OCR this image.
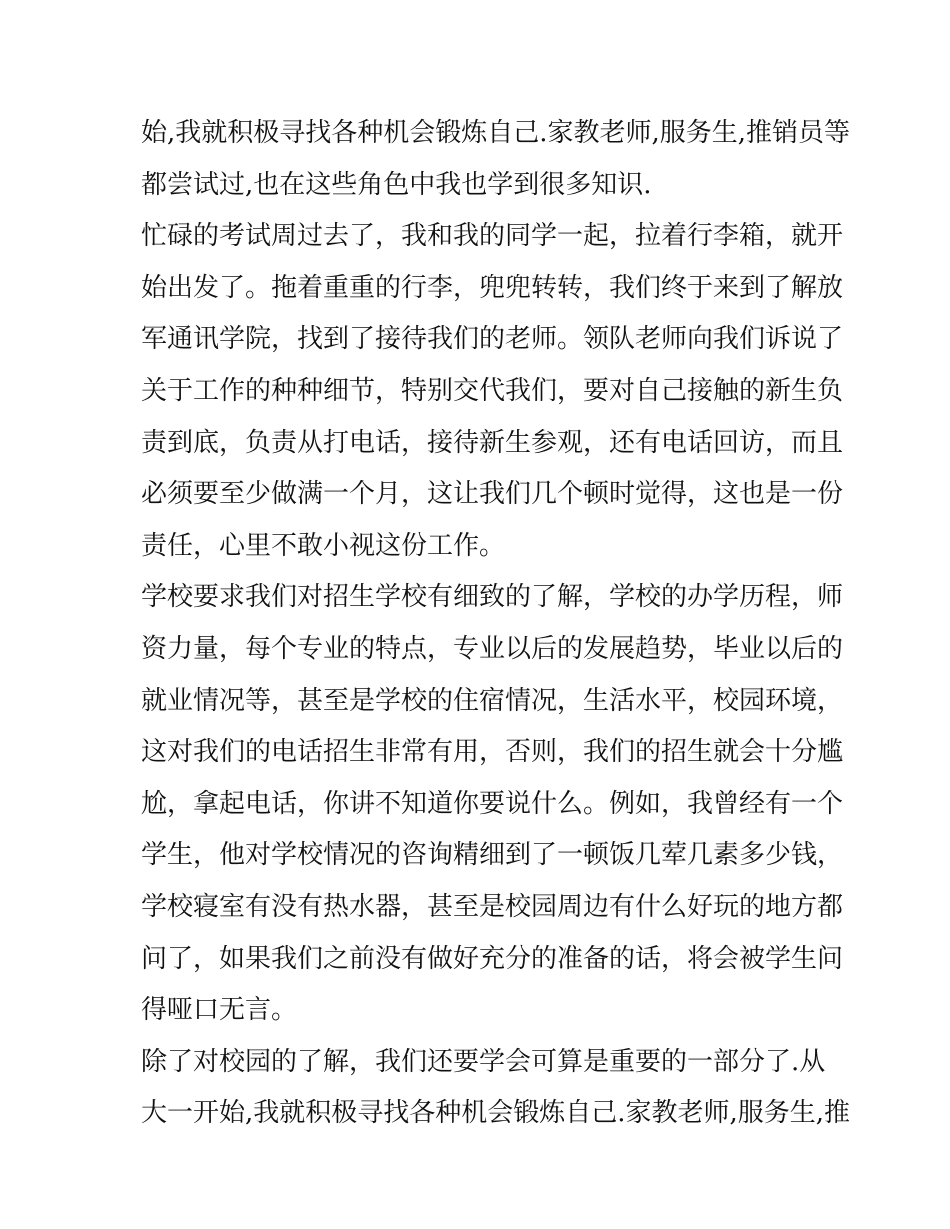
始,我就积极寻找各种机会锻炼自己.家教老师,服务生,推销员等
都尝试过,也在这些角色中我也学到很多知识.
忙碌的考试周过去了，我和我的同学一起，拉着行李箱，就开
始出发了。拖着重重的行李，兜兜转转，我们终于来到了解放
军通讯学院，找到了接待我们的老师。领队老师向我们诉说了
关于工作的种种细节，特别交代我们，要对自己接触的新生负
责到底，负责从打电话，接待新生参观，还有电话回访，而且
必须要至少做满一个月，这让我们几个顿时觉得，这也是一份
责任，心里不敢小视这份工作。
学校要求我们对招生学校有细致的了解，学校的办学历程，师
资力量，每个专业的特点，专业以后的发展趋势，毕业以后的
就业情况等，甚至是学校的住宿情况，生活水平，校园环境，
这对我们的电话招生非常有用，否则，我们的招生就会十分尴
尬，拿起电话，你讲不知道你要说什么。例如，我曾经有一个
学生，他对学校情况的咨询精细到了一顿饭几荤几素多少钱，
学校寝室有没有热水器，甚至是校园周边有什么好玩的地方都
问了，如果我们之前没有做好充分的准备的话，将会被学生问
得哑口无言。
除了对校园的了解，我们还要学会可算是重要的一部分了.从
大一开始,我就积极寻找各种机会锻炼自己.家教老师,服务生,推
